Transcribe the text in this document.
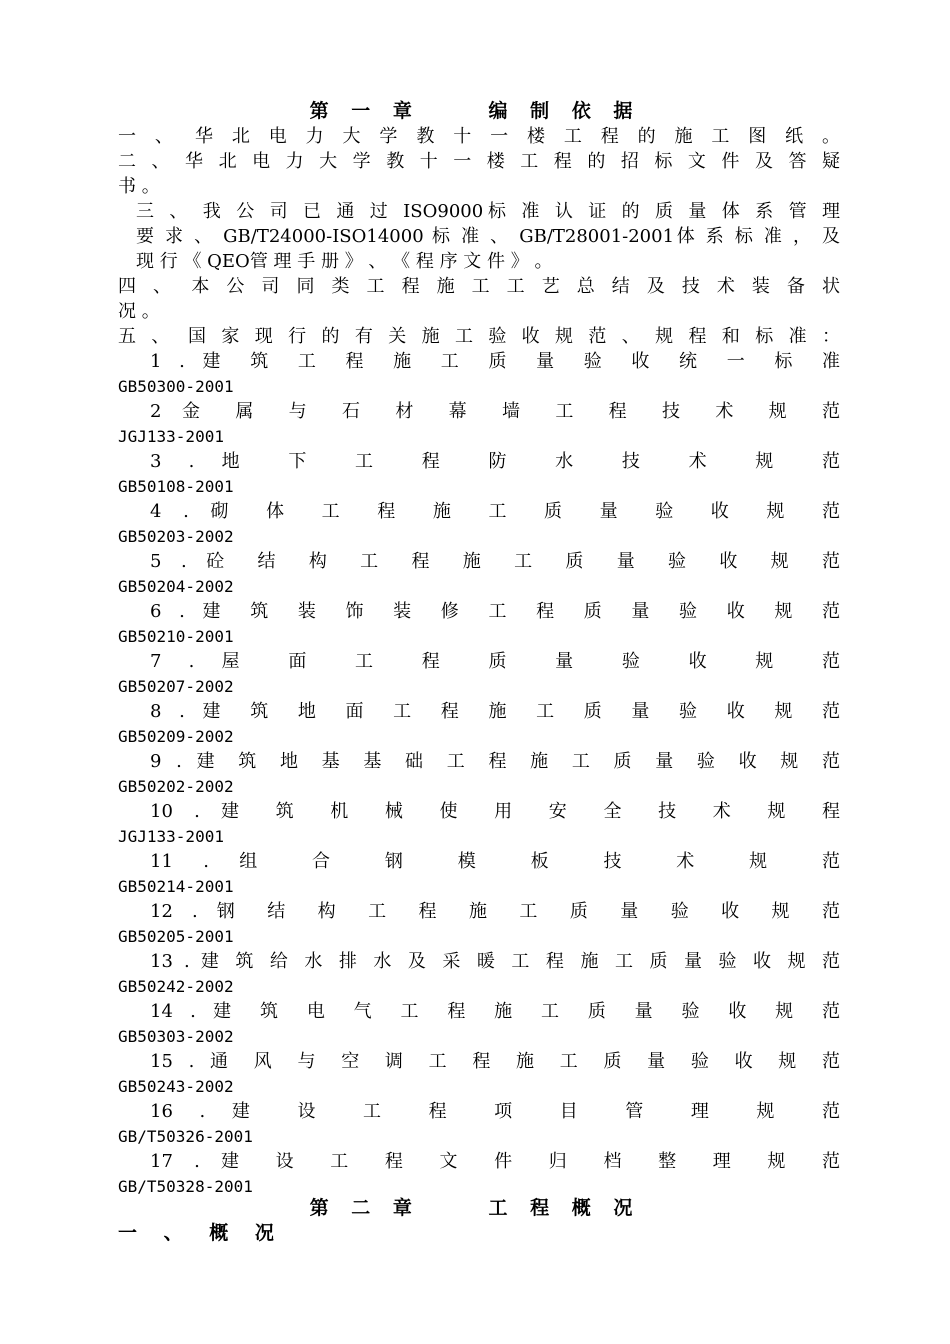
第 一 章　　 编 制 依 据
一 、　华 北 电 力 大 学 教 十 一 楼 工 程 的 施 工 图 纸 。
二 、 华 北 电 力 大 学 教 十 一 楼 工 程 的 招 标 文 件 及 答 疑
书 。
三 、 我 公 司 已 通 过 ISO9000标 准 认 证 的 质 量 体 系 管 理
要 求 、 GB/T24000-ISO14000 标 准 、 GB/T28001-2001体 系 标 准 ， 及
现 行 《 QEO管 理 手 册 》 、 《 程 序 文 件 》 。
四 、　本 公 司 同 类 工 程 施 工 工 艺 总 结 及 技 术 装 备 状
况 。
五 、　国 家 现 行 的 有 关 施 工 验 收 规 范 、 规 程 和 标 准 ：
1 . 建 筑 工 程 施 工 质 量 验 收 统 一 标 准
GB50300-2001
2 金 属 与 石 材 幕 墙 工 程 技 术 规 范
JGJ133-2001
3 . 地 下 工 程 防 水 技 术 规 范
GB50108-2001
4 . 砌 体 工 程 施 工 质 量 验 收 规 范
GB50203-2002
5 . 砼 结 构 工 程 施 工 质 量 验 收 规 范
GB50204-2002
6 . 建 筑 装 饰 装 修 工 程 质 量 验 收 规 范
GB50210-2001
7 . 屋 面 工 程 质 量 验 收 规 范
GB50207-2002
8 . 建 筑 地 面 工 程 施 工 质 量 验 收 规 范
GB50209-2002
9 . 建 筑 地 基 基 础 工 程 施 工 质 量 验 收 规 范
GB50202-2002
10 . 建 筑 机 械 使 用 安 全 技 术 规 程
JGJ133-2001
11 . 组 合 钢 模 板 技 术 规 范
GB50214-2001
12 . 钢 结 构 工 程 施 工 质 量 验 收 规 范
GB50205-2001
13 . 建 筑 给 水 排 水 及 采 暖 工 程 施 工 质 量 验 收 规 范
GB50242-2002
14 . 建 筑 电 气 工 程 施 工 质 量 验 收 规 范
GB50303-2002
15 . 通 风 与 空 调 工 程 施 工 质 量 验 收 规 范
GB50243-2002
16 . 建 设 工 程 项 目 管 理 规 范
GB/T50326-2001
17 . 建 设 工 程 文 件 归 档 整 理 规 范
GB/T50328-2001
第 二 章　　 工 程 概 况
一 、 概 况
